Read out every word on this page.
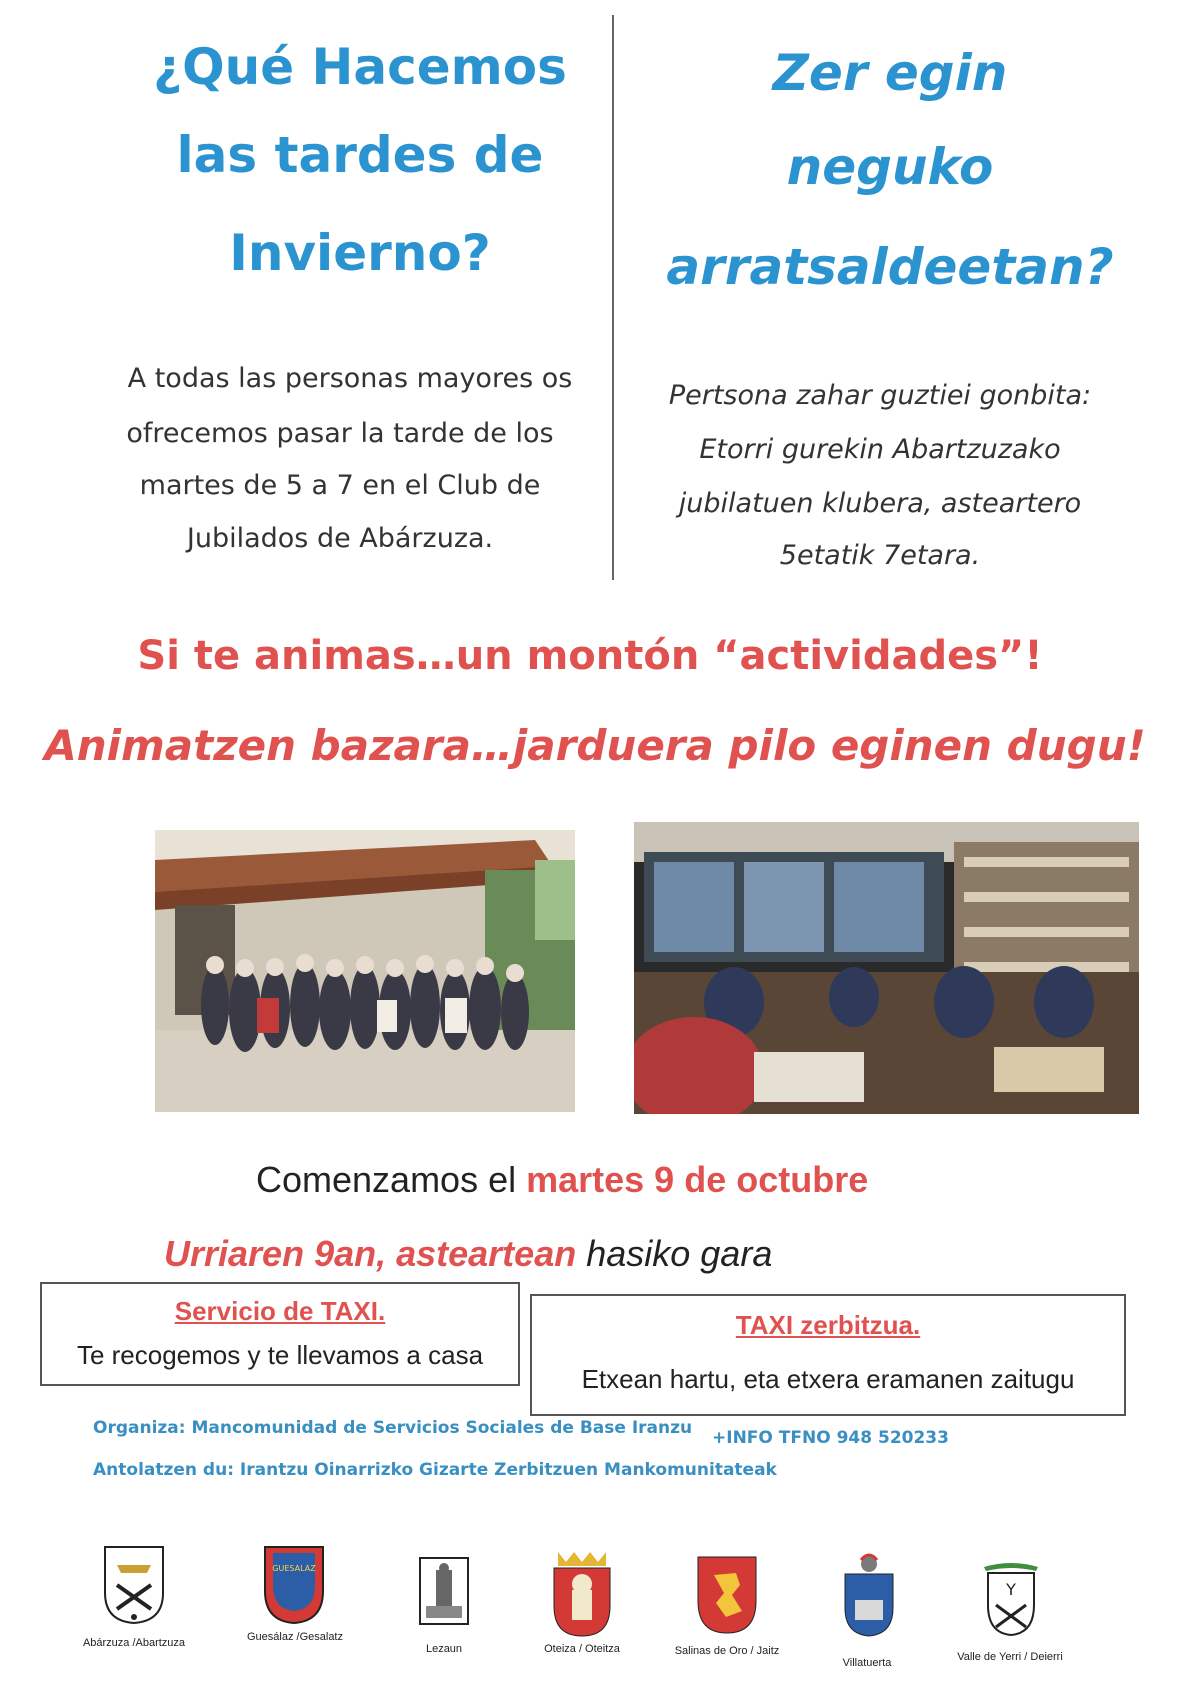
¿Qué Hacemos
las tardes de
Invierno?
Zer egin
neguko
arratsaldeetan?
A todas las personas mayores os
ofrecemos pasar la tarde de los
martes de 5 a 7 en el Club de
Jubilados de Abárzuza.
Pertsona zahar guztiei gonbita:
Etorri gurekin Abartzuzako
jubilatuen klubera, asteartero
5etatik 7etara.
Si te animas…un montón “actividades”!
Animatzen bazara…jarduera pilo eginen dugu!
Comenzamos el martes 9 de octubre
Urriaren 9an, asteartean hasiko gara
Servicio de TAXI.
Te recogemos y te llevamos a casa
TAXI zerbitzua.
Etxean hartu, eta etxera eramanen zaitugu
Organiza: Mancomunidad de Servicios Sociales de Base Iranzu +INFO TFNO 948 520233
Antolatzen du: Irantzu Oinarrizko Gizarte Zerbitzuen Mankomunitateak
Abárzuza /Abartzuza
GUESALAZ
Guesálaz /Gesalatz
Lezaun	Oteiza / Oteitza	Salinas de Oro / Jaitz
Villatuerta
Y
Valle de Yerri / Deierri
